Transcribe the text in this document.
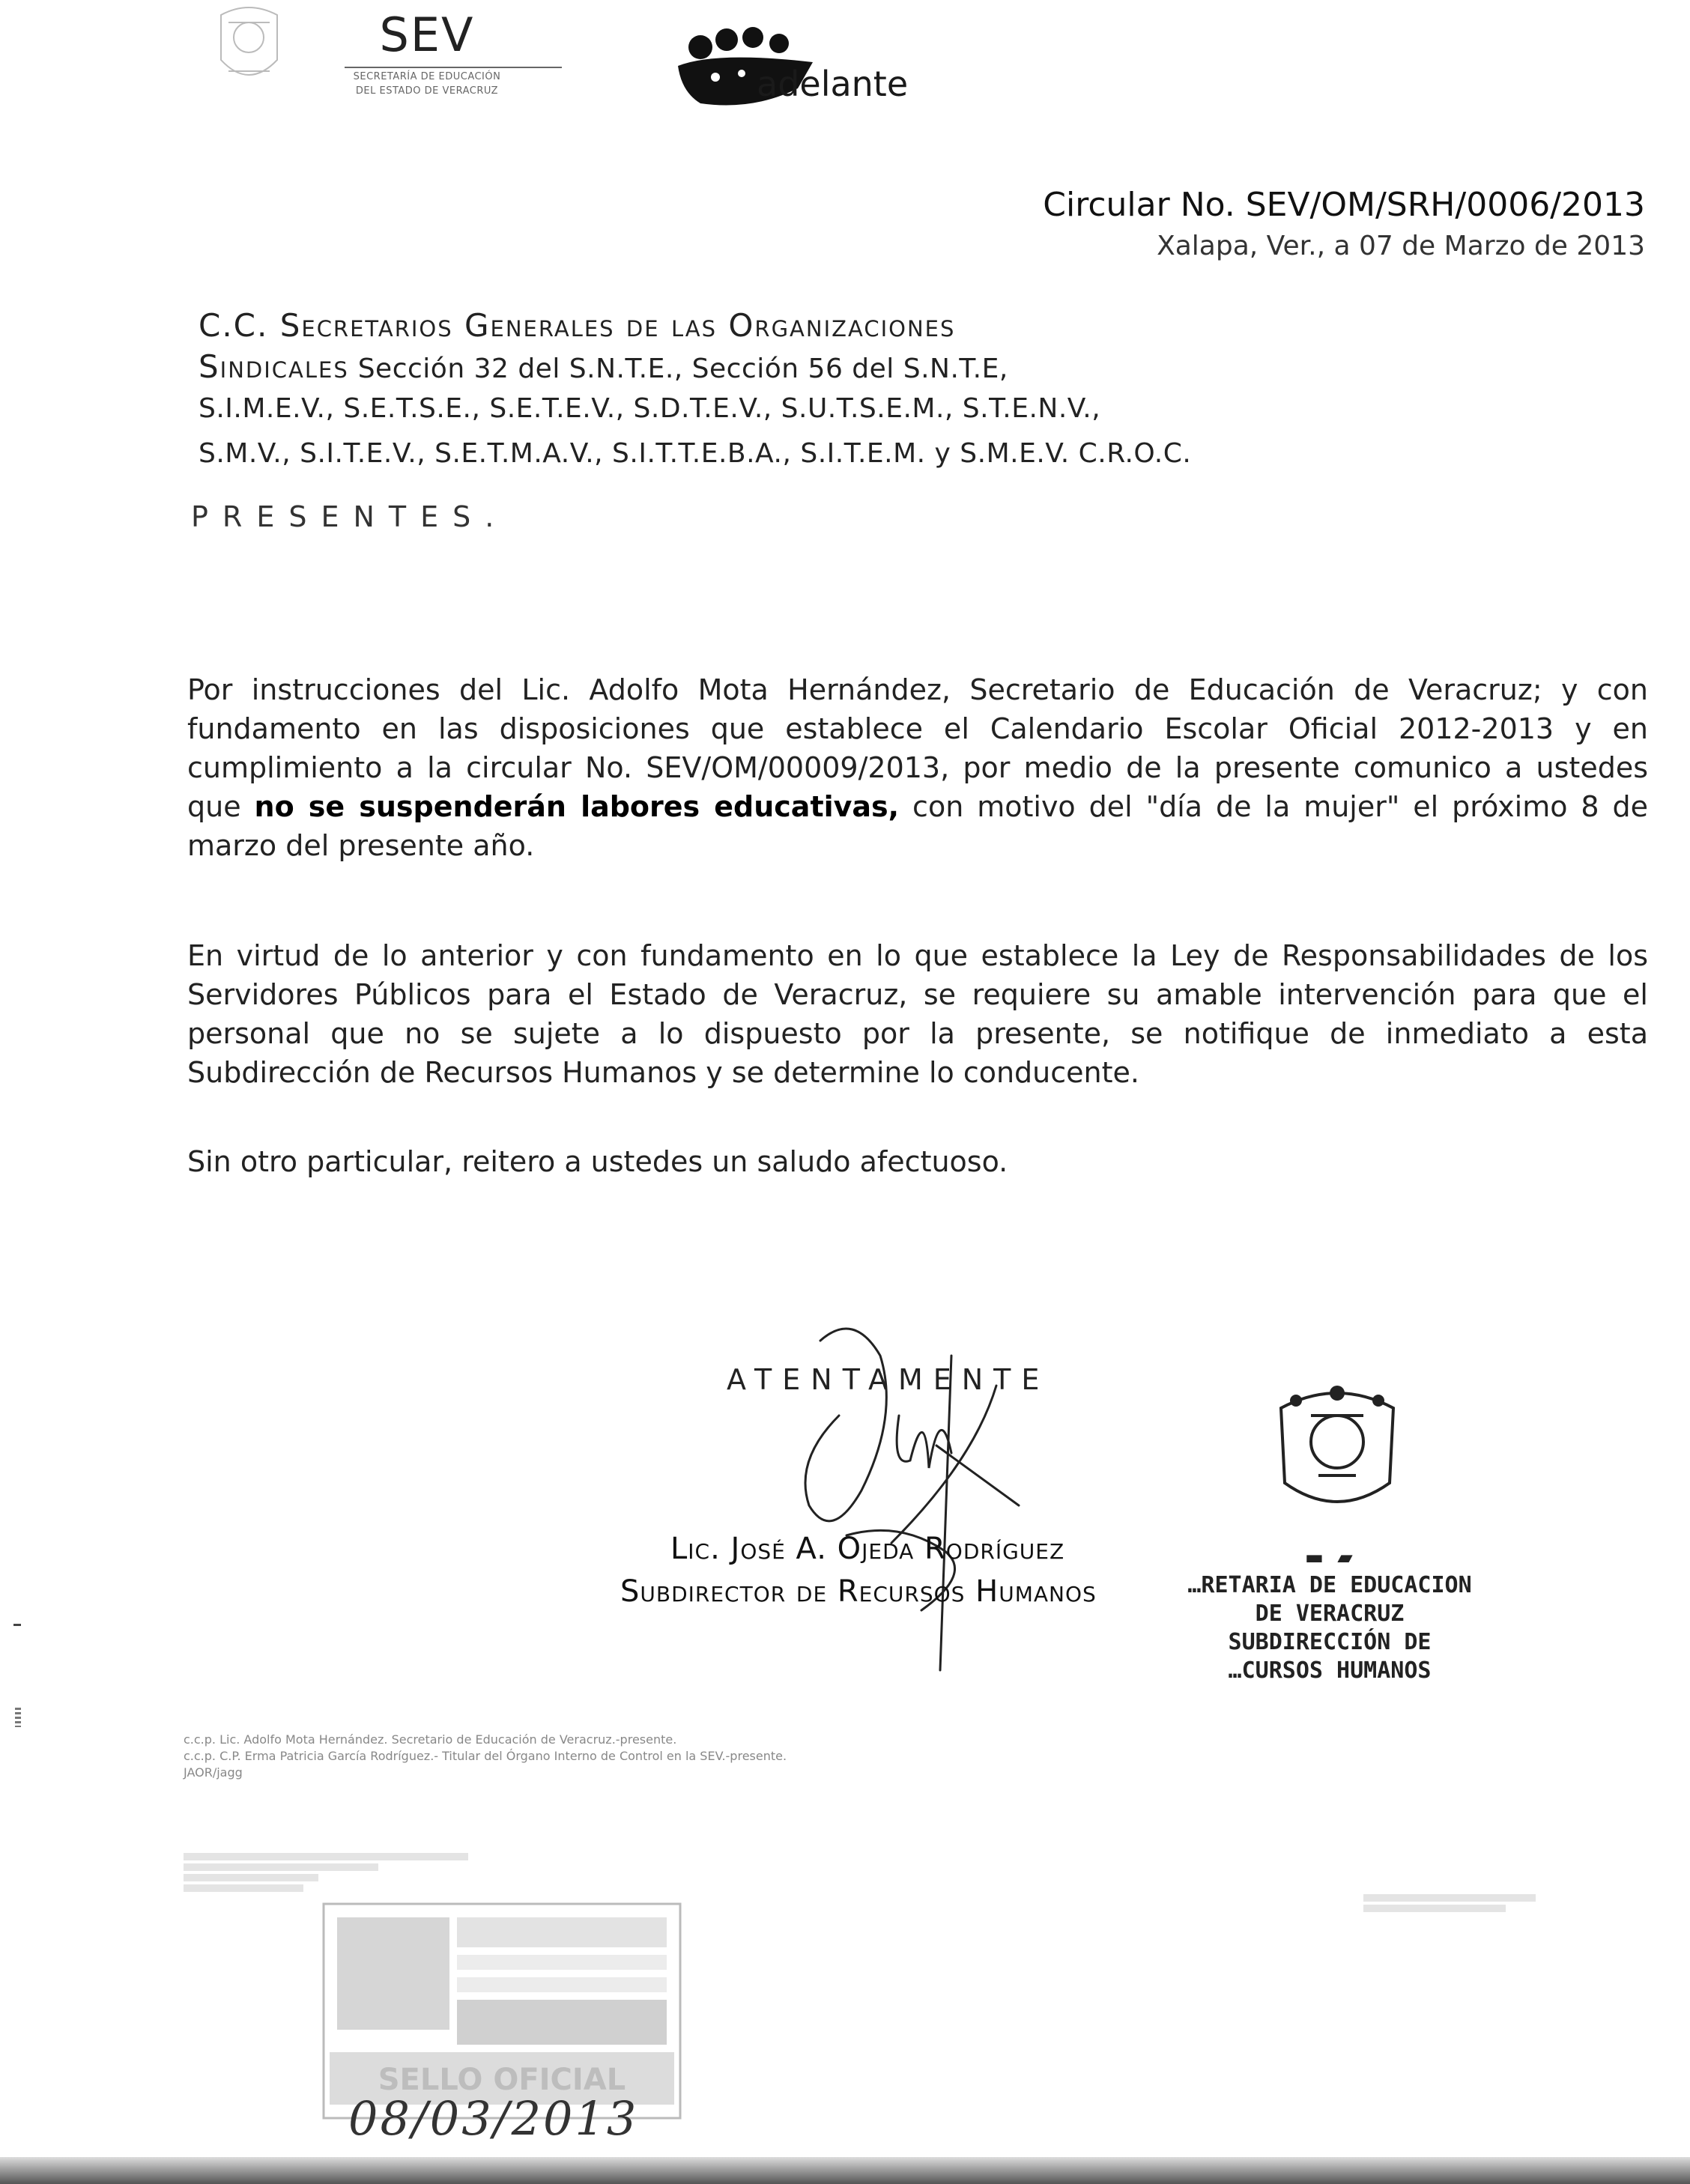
SEV
SECRETARÍA DE EDUCACIÓN
DEL ESTADO DE VERACRUZ	adelante
Circular No. SEV/OM/SRH/0006/2013
Xalapa, Ver., a 07 de Marzo de 2013
C.C. Secretarios Generales de las Organizaciones
Sindicales Sección 32 del S.N.T.E., Sección 56 del S.N.T.E,
S.I.M.E.V., S.E.T.S.E., S.E.T.E.V., S.D.T.E.V., S.U.T.S.E.M., S.T.E.N.V.,
S.M.V., S.I.T.E.V., S.E.T.M.A.V., S.I.T.T.E.B.A., S.I.T.E.M. y S.M.E.V. C.R.O.C.
PRESENTES.
Por instrucciones del Lic. Adolfo Mota Hernández, Secretario de Educación de Veracruz; y con fundamento en las disposiciones que establece el Calendario Escolar Oficial 2012-2013 y en cumplimiento a la circular No. SEV/OM/00009/2013, por medio de la presente comunico a ustedes que no se suspenderán labores educativas, con motivo del "día de la mujer" el próximo 8 de marzo del presente año.
En virtud de lo anterior y con fundamento en lo que establece la Ley de Responsabilidades de los Servidores Públicos para el Estado de Veracruz, se requiere su amable intervención para que el personal que no se sujete a lo dispuesto por la presente, se notifique de inmediato a esta Subdirección de Recursos Humanos y se determine lo conducente.
Sin otro particular, reitero a ustedes un saludo afectuoso.
ATENTAMENTE
Lic. José A. Ojeda Rodríguez
Subdirector de Recursos Humanos
▬ ▰
…RETARIA DE EDUCACION
DE VERACRUZ
SUBDIRECCIÓN DE
…CURSOS HUMANOS
c.c.p. Lic. Adolfo Mota Hernández. Secretario de Educación de Veracruz.-presente.
c.c.p. C.P. Erma Patricia García Rodríguez.- Titular del Órgano Interno de Control en la SEV.-presente.
JAOR/jagg
SELLO OFICIAL
08/03/2013
